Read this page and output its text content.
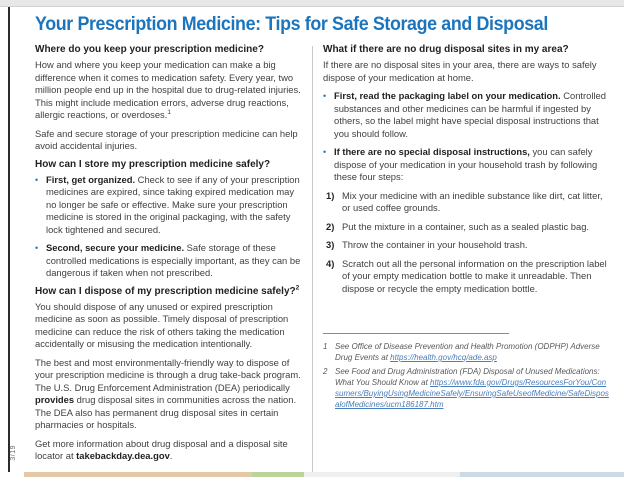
3/19
Your Prescription Medicine: Tips for Safe Storage and Disposal
Where do you keep your prescription medicine?

How and where you keep your medication can make a big difference when it comes to medication safety. Every year, two million people end up in the hospital due to drug-related injuries. This might include medication errors, adverse drug reactions, allergic reactions, or overdoses.$^1$

Safe and secure storage of your prescription medicine can help avoid accidental injuries.

How can I store my prescription medicine safely?
• First, get organized. Check to see if any of your prescription medicines are expired, since taking expired medication may no longer be safe or effective. Make sure your prescription medicine is stored in the original packaging, with the safety lock tightened and secured.
• Second, secure your medicine. Safe storage of these controlled medications is especially important, as they can be dangerous if taken when not prescribed.
How can I dispose of my prescription medicine safely?$^2$

You should dispose of any unused or expired prescription medicine as soon as possible. Timely disposal of prescription medicine can reduce the risk of others taking the medication accidentally or misusing the medication intentionally.

The best and most environmentally-friendly way to dispose of your prescription medicine is through a drug take-back program. The U.S. Drug Enforcement Administration (DEA) periodically provides drug disposal sites in communities across the nation. The DEA also has permanent drug disposal sites in certain pharmacies or hospitals.

Get more information about drug disposal and a disposal site locator at takebackday.dea.gov.

What if there are no drug disposal sites in my area?

If there are no disposal sites in your area, there are ways to safely dispose of your medication at home.

• First, read the packaging label on your medication. Controlled substances and other medicines can be harmful if ingested by others, so the label might have special disposal instructions that you should follow.
• If there are no special disposal instructions, you can safely dispose of your medication in your household trash by following these four steps:
1) Mix your medicine with an inedible substance like dirt, cat litter, or used coffee grounds.
2) Put the mixture in a container, such as a sealed plastic bag.
3) Throw the container in your household trash.
4) Scratch out all the personal information on the prescription label of your empty medication bottle to make it unreadable. Then dispose or recycle the empty medication bottle.
1 See Office of Disease Prevention and Health Promotion (ODPHP) Adverse Drug Events at https://health.gov/hcq/ade.asp
2 See Food and Drug Administration (FDA) Disposal of Unused Medications: What You Should Know at https://www.fda.gov/Drugs/ResourcesForYou/Consumers/BuyingUsingMedicineSafely/EnsuringSafeUseofMedicine/SafeDisposalofMedicines/ucm186187.htm
